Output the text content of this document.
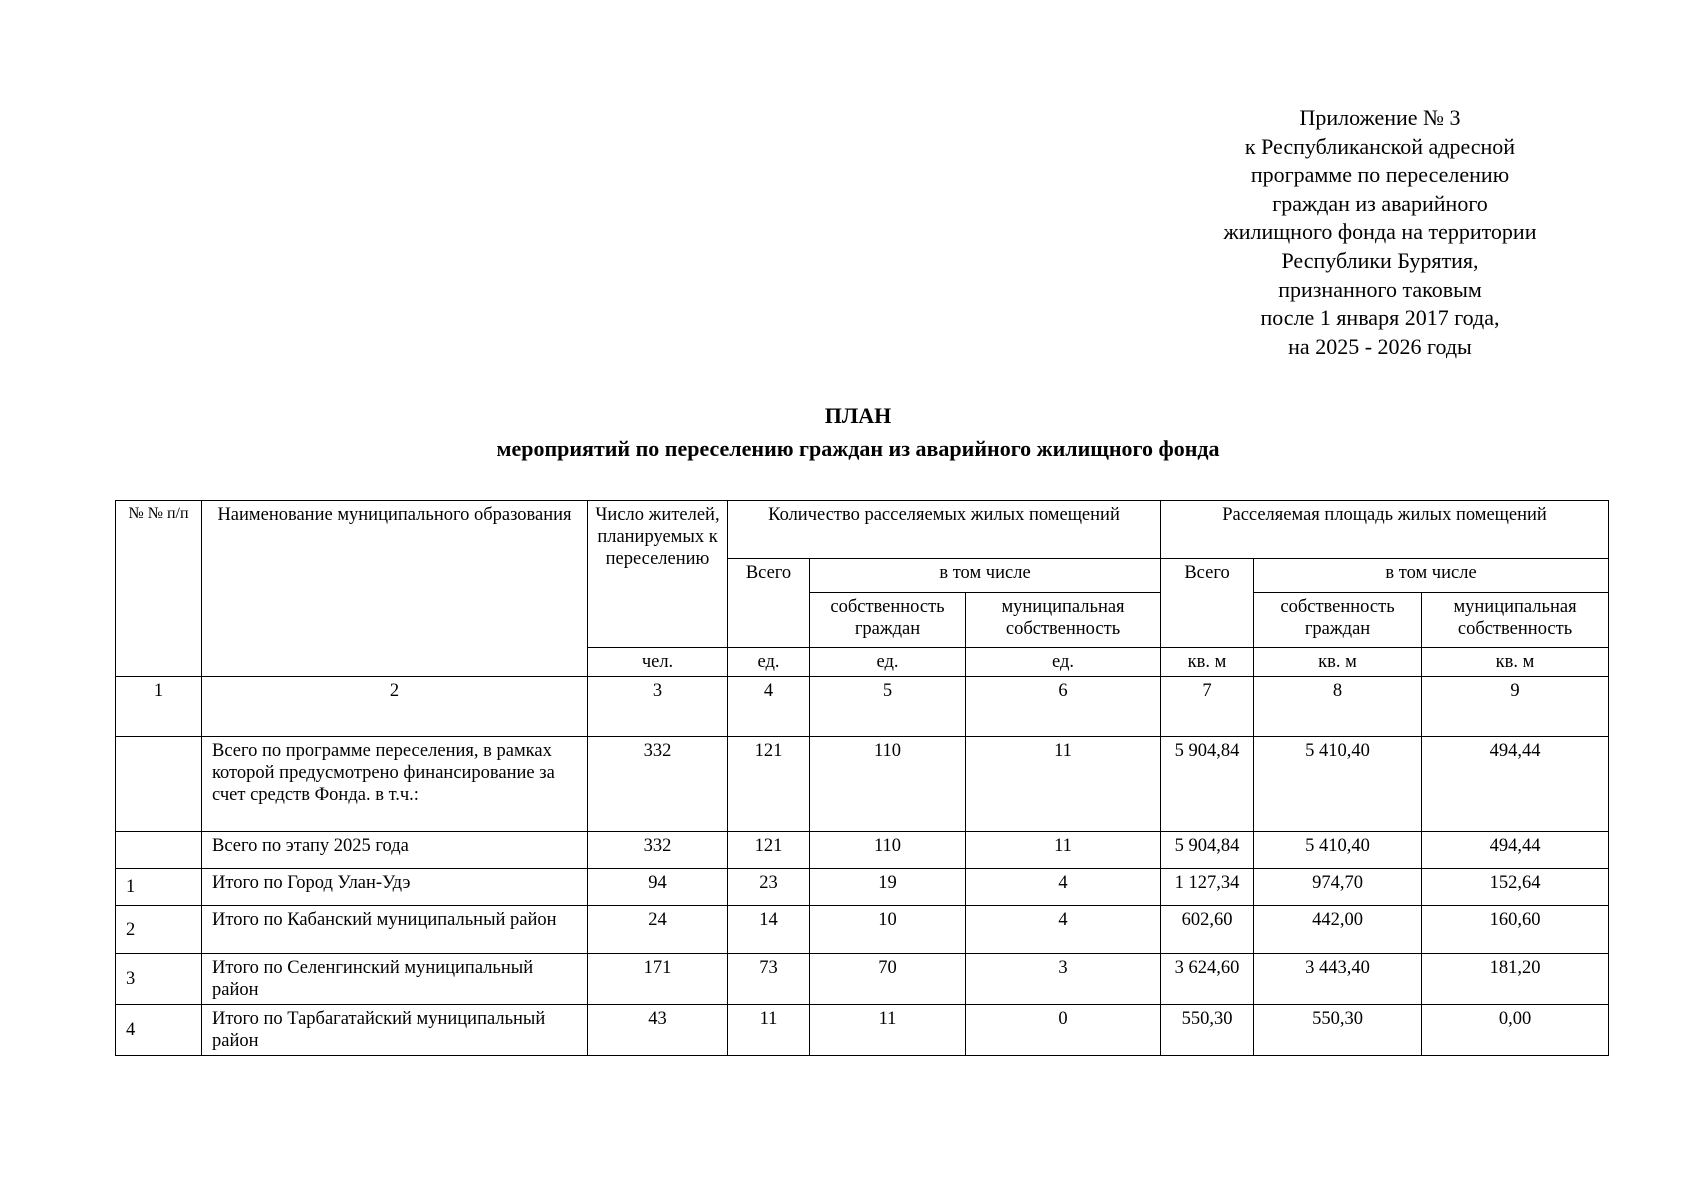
Приложение № 3
к Республиканской адресной
программе по переселению
граждан из аварийного
жилищного фонда на территории
Республики Бурятия,
признанного таковым
после 1 января 2017 года,
на 2025 - 2026 годы
ПЛАН
мероприятий по переселению граждан из аварийного жилищного фонда
№ № п/п	Наименование муниципального образования	Число жителей, планируемых к переселению	Количество расселяемых жилых помещений			Расселяемая площадь жилых помещений		
			Всего	в том числе		Всего	в том числе	
				собственность граждан	муниципальная собственность		собственность граждан	муниципальная собственность
		чел.	ед.	ед.	ед.	кв. м	кв. м	кв. м
1	2	3	4	5	6	7	8	9
	Всего по программе переселения, в рамках которой предусмотрено финансирование за счет средств Фонда. в т.ч.:	332	121	110	11	5 904,84	5 410,40	494,44
	Всего по этапу 2025 года	332	121	110	11	5 904,84	5 410,40	494,44
1	Итого по Город Улан-Удэ	94	23	19	4	1 127,34	974,70	152,64
2	Итого по Кабанский муниципальный район	24	14	10	4	602,60	442,00	160,60
3	Итого по Селенгинский муниципальный район	171	73	70	3	3 624,60	3 443,40	181,20
4	Итого по Тарбагатайский муниципальный район	43	11	11	0	550,30	550,30	0,00
